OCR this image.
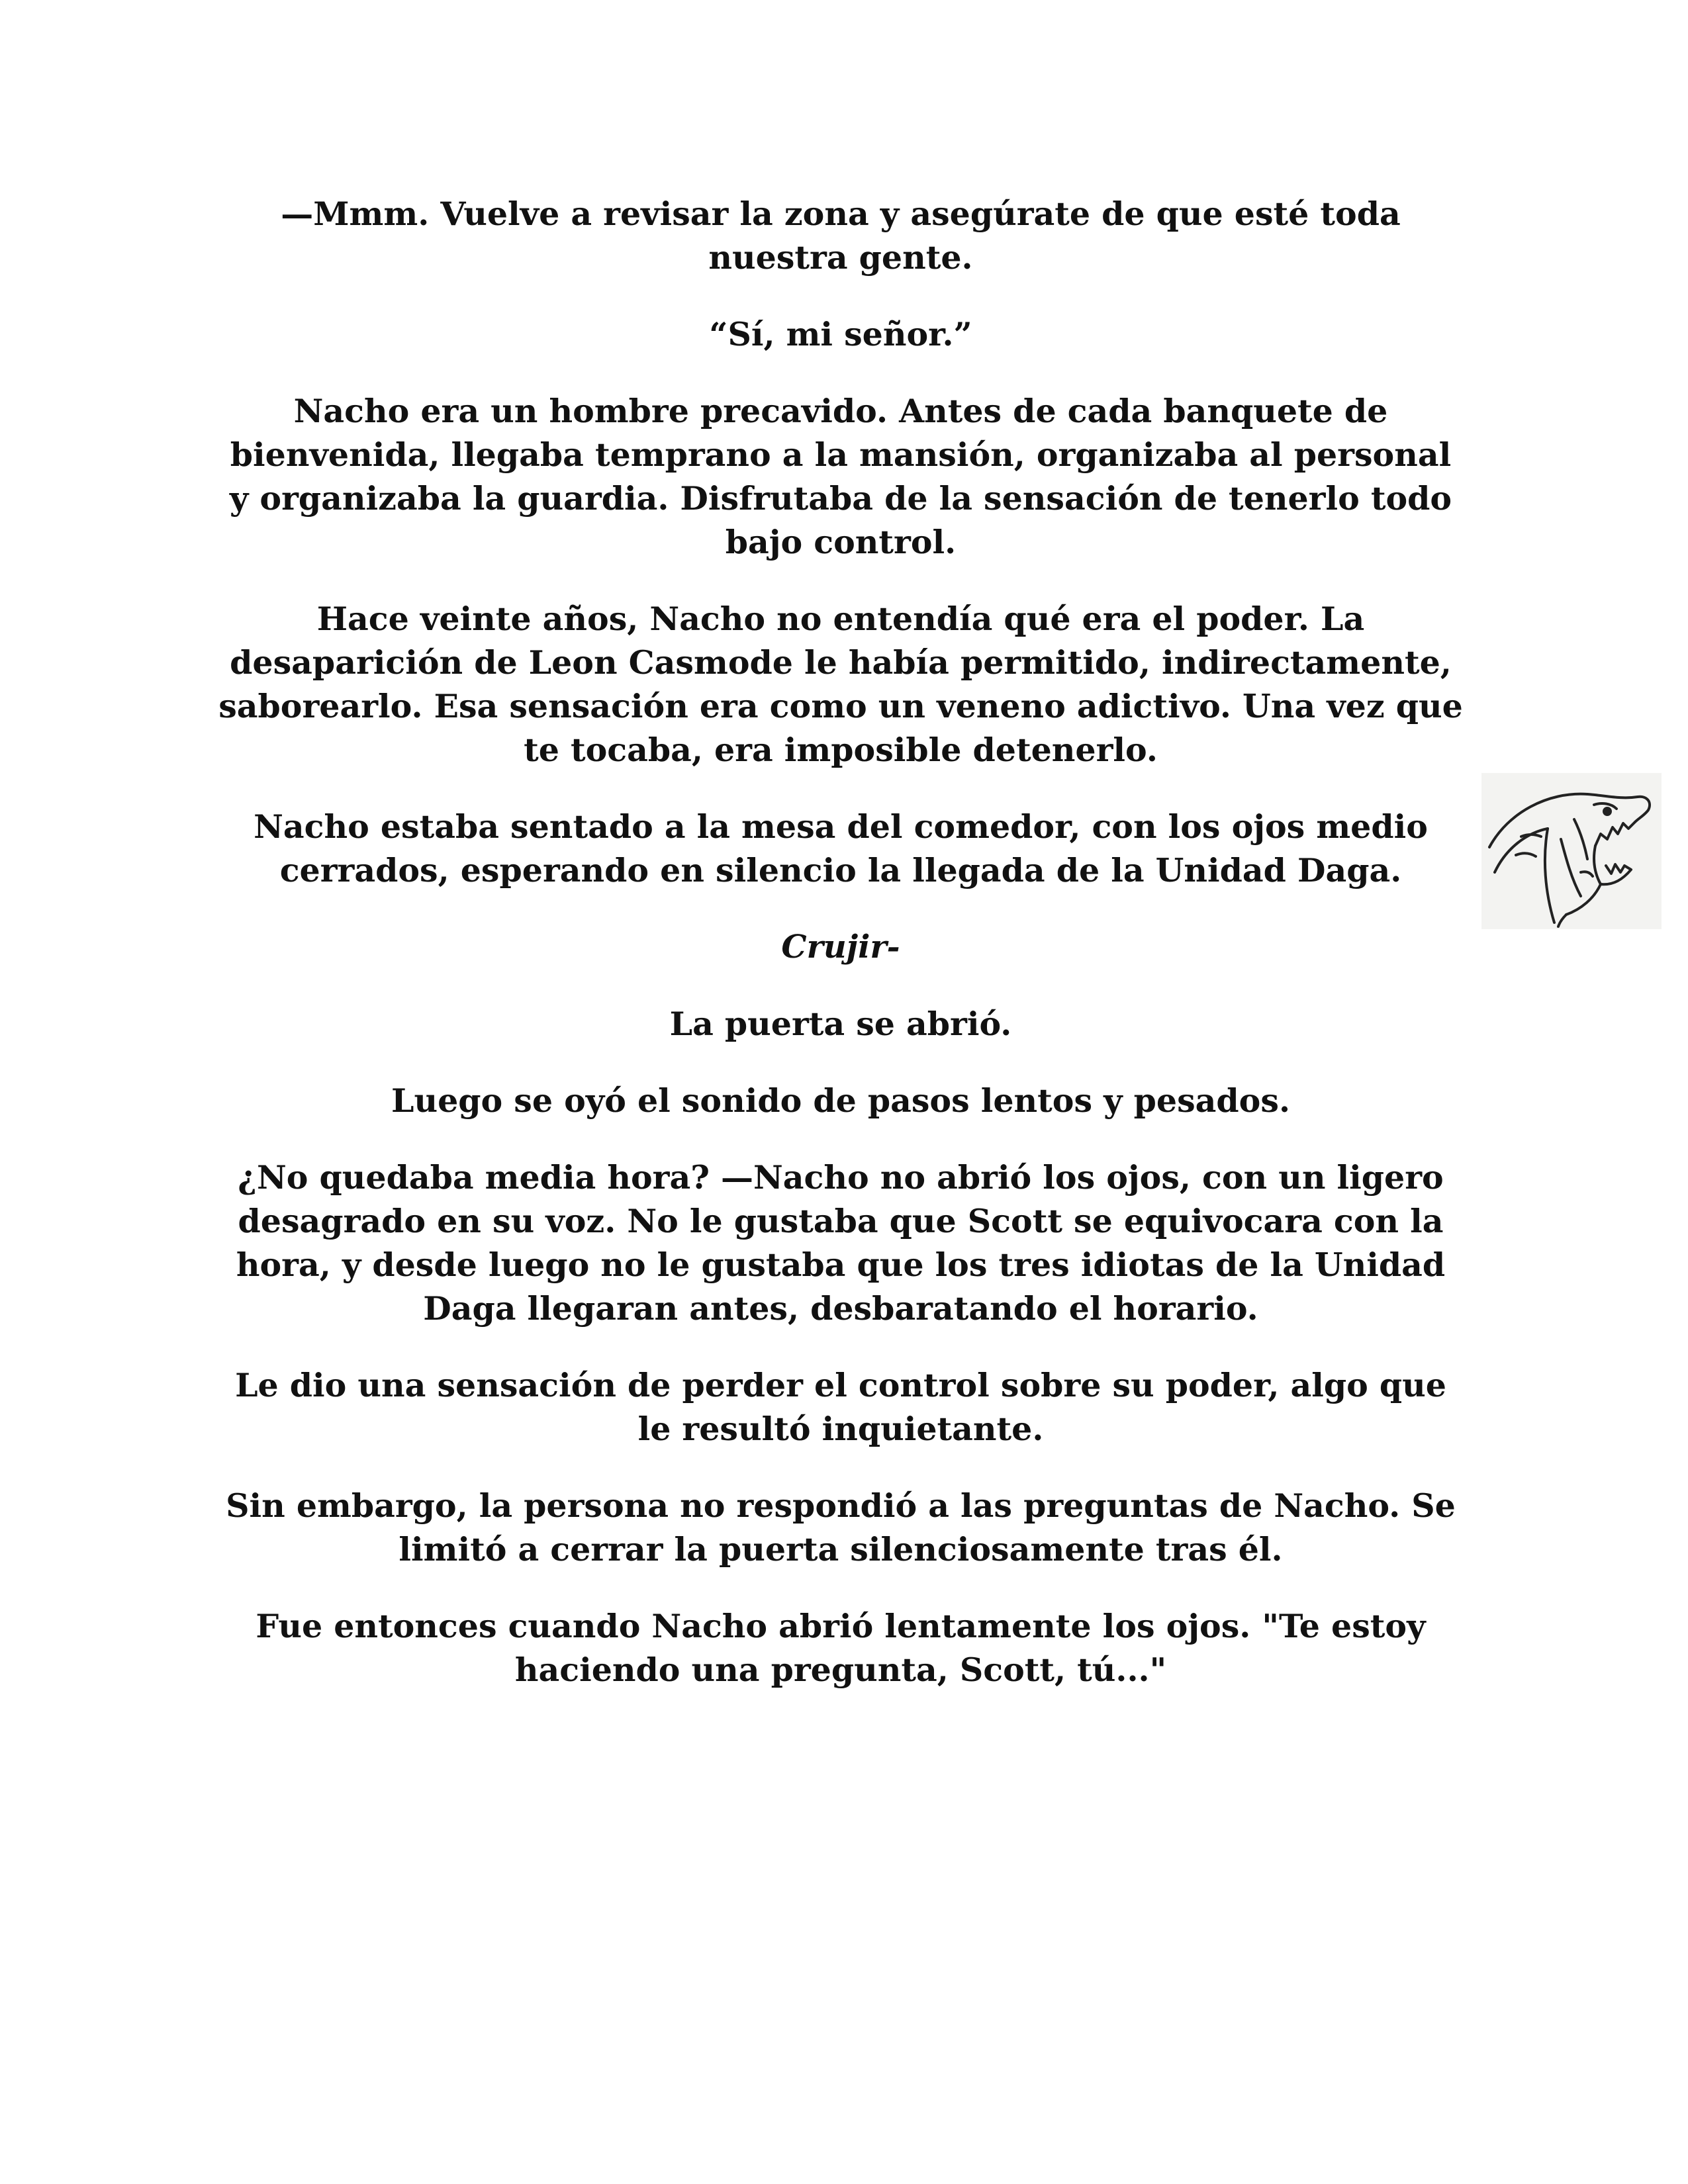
—Mmm. Vuelve a revisar la zona y asegúrate de que esté toda nuestra gente.

“Sí, mi señor.”

Nacho era un hombre precavido. Antes de cada banquete de bienvenida, llegaba temprano a la mansión, organizaba al personal y organizaba la guardia. Disfrutaba de la sensación de tenerlo todo bajo control.

Hace veinte años, Nacho no entendía qué era el poder. La desaparición de Leon Casmode le había permitido, indirectamente, saborearlo. Esa sensación era como un veneno adictivo. Una vez que te tocaba, era imposible detenerlo.

Nacho estaba sentado a la mesa del comedor, con los ojos medio cerrados, esperando en silencio la llegada de la Unidad Daga.

Crujir-

La puerta se abrió.

Luego se oyó el sonido de pasos lentos y pesados.

¿No quedaba media hora? —Nacho no abrió los ojos, con un ligero desagrado en su voz. No le gustaba que Scott se equivocara con la hora, y desde luego no le gustaba que los tres idiotas de la Unidad Daga llegaran antes, desbaratando el horario.

Le dio una sensación de perder el control sobre su poder, algo que le resultó inquietante.

Sin embargo, la persona no respondió a las preguntas de Nacho. Se limitó a cerrar la puerta silenciosamente tras él.

Fue entonces cuando Nacho abrió lentamente los ojos. "Te estoy haciendo una pregunta, Scott, tú..."
